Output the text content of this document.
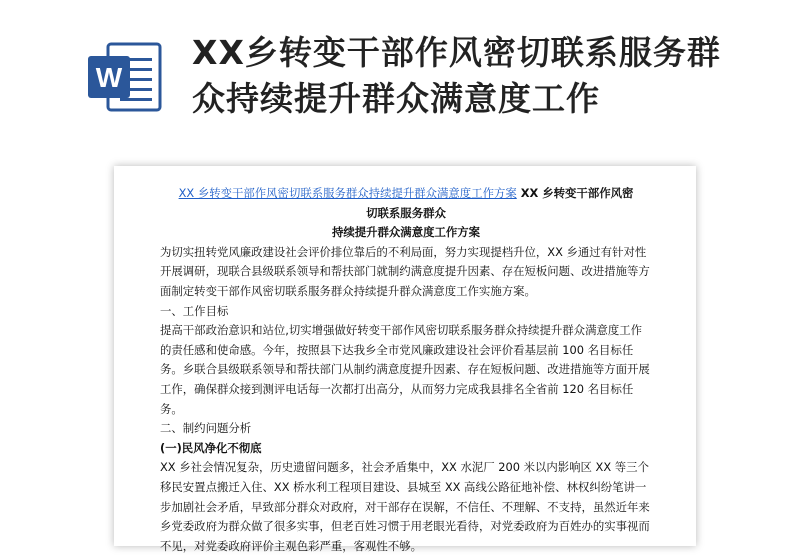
W
XX乡转变干部作风密切联系服务群众持续提升群众满意度工作

XX 乡转变干部作风密切联系服务群众持续提升群众满意度工作方案 XX 乡转变干部作风密

切联系服务群众

持续提升群众满意度工作方案

为切实扭转党风廉政建设社会评价排位靠后的不利局面，努力实现提档升位，XX 乡通过有针对性开展调研，现联合县级联系领导和帮扶部门就制约满意度提升因素、存在短板问题、改进措施等方面制定转变干部作风密切联系服务群众持续提升群众满意度工作实施方案。

一、工作目标

提高干部政治意识和站位,切实增强做好转变干部作风密切联系服务群众持续提升群众满意度工作的责任感和使命感。今年，按照县下达我乡全市党风廉政建设社会评价看基层前 100 名目标任务。乡联合县级联系领导和帮扶部门从制约满意度提升因素、存在短板问题、改进措施等方面开展工作，确保群众接到测评电话每一次都打出高分，从而努力完成我县排名全省前 120 名目标任务。

二、制约问题分析

(一)民风净化不彻底

XX 乡社会情况复杂，历史遗留问题多，社会矛盾集中，XX 水泥厂 200 米以内影响区 XX 等三个移民安置点搬迁入住、XX 桥水利工程项目建设、县城至 XX 高线公路征地补偿、林权纠纷笔讲一步加剧社会矛盾，早致部分群众对政府，对干部存在误解，不信任、不理解、不支持，虽然近年来乡党委政府为群众做了很多实事，但老百姓习惯于用老眼光看待，对党委政府为百姓办的实事视而不见，对党委政府评价主观色彩严重，客观性不够。
